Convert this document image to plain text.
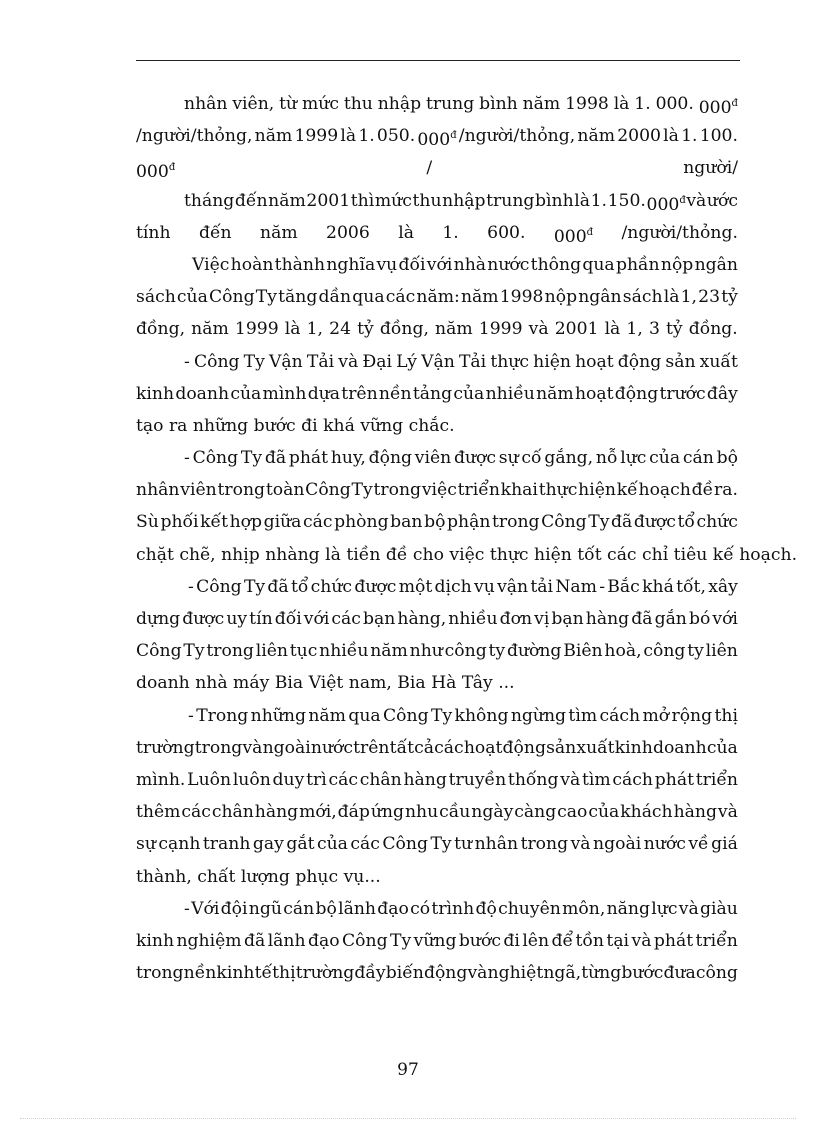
nhân viên, từ mức thu nhập trung bình năm 1998 là 1. 000. $000^đ$
/người/thỏng, năm 1999 là 1. 050. $000^đ$ /người/thỏng, năm 2000 là 1. 100.
$000^đ$	/	người/
tháng đến năm 2001 thì mức thu nhập trung bình là 1. 150. $000^đ$ và ước
tính đến năm 2006 là 1. 600. $000^đ$ /người/thỏng.
Việc hoàn thành nghĩa vụ đối với nhà nước thông qua phần nộp ngân
sách của Công Ty tăng dần qua các năm: năm 1998 nộp ngân sách là 1, 23 tỷ
đồng, năm 1999 là 1, 24 tỷ đồng, năm 1999 và 2001 là 1, 3 tỷ đồng.
- Công Ty Vận Tải và Đại Lý Vận Tải thực hiện hoạt động sản xuất
kinh doanh của mình dựa trên nền tảng của nhiều năm hoạt động trước đây
tạo ra những bước đi khá vững chắc.
- Công Ty đã phát huy, động viên được sự cố gắng, nỗ lực của cán bộ
nhân viên trong toàn Công Ty trong việc triển khai thực hiện kế hoạch đề ra.
Sù phối kết hợp giữa các phòng ban bộ phận trong Công Ty đã được tổ chức
chặt chẽ, nhịp nhàng là tiền đề cho việc thực hiện tốt các chỉ tiêu kế hoạch.
- Công Ty đã tổ chức được một dịch vụ vận tải Nam - Bắc khá tốt, xây
dựng được uy tín đối với các bạn hàng, nhiều đơn vị bạn hàng đã gắn bó với
Công Ty trong liên tục nhiều năm như công ty đường Biên hoà, công ty liên
doanh nhà máy Bia Việt nam, Bia Hà Tây ...
- Trong những năm qua Công Ty không ngừng tìm cách mở rộng thị
trường trong và ngoài nước trên tất cả các hoạt động sản xuất kinh doanh của
mình. Luôn luôn duy trì các chân hàng truyền thống và tìm cách phát triển
thêm các chân hàng mới, đáp ứng nhu cầu ngày càng cao của khách hàng và
sự cạnh tranh gay gắt của các Công Ty tư nhân trong và ngoài nước về giá
thành, chất lượng phục vụ...
- Với đội ngũ cán bộ lãnh đạo có trình độ chuyên môn, năng lực và giàu
kinh nghiệm đã lãnh đạo Công Ty vững bước đi lên để tồn tại và phát triển
trong nền kinh tế thị trường đầy biến động và nghiệt ngã, từng bước đưa công
97
